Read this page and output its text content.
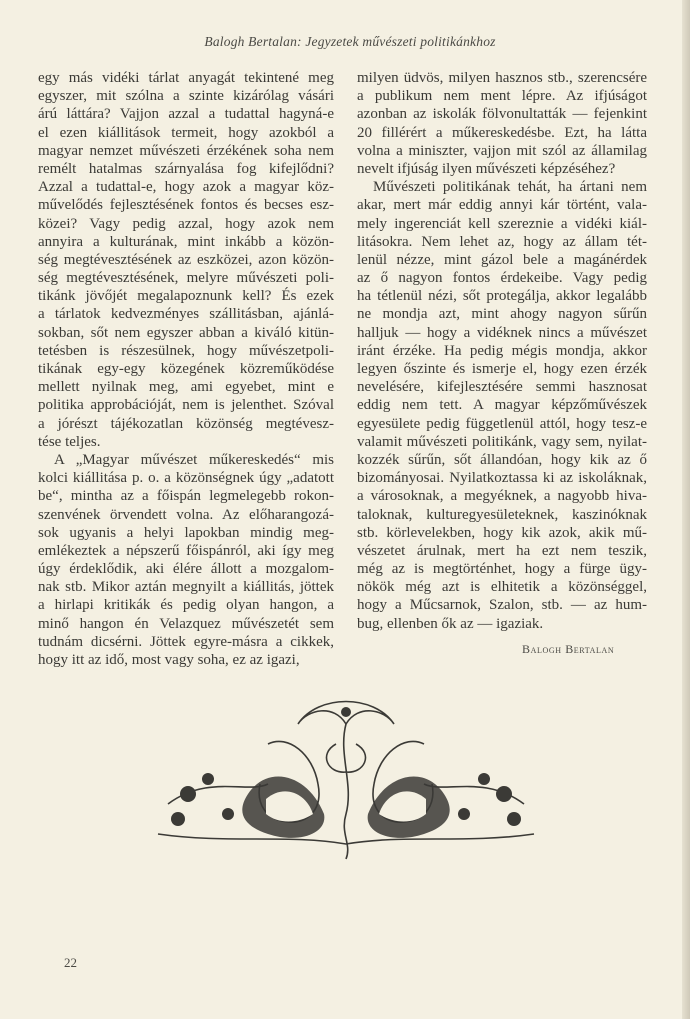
Balogh Bertalan: Jegyzetek művészeti politikánkhoz
egy más vidéki tárlat anyagát tekintené meg
egyszer, mit szólna a szinte kizárólag vásári
árú láttára? Vajjon azzal a tudattal hagyná-e
el ezen kiállitások termeit, hogy azokból a
magyar nemzet művészeti érzékének soha nem
remélt hatalmas szárnyalása fog kifejlődni?
Azzal a tudattal-e, hogy azok a magyar köz-
művelődés fejlesztésének fontos és becses esz-
közei? Vagy pedig azzal, hogy azok nem
annyira a kulturának, mint inkább a közön-
ség megtévesztésének az eszközei, azon közön-
ség megtévesztésének, melyre művészeti poli-
tikánk jövőjét megalapoznunk kell? És ezek
a tárlatok kedvezményes szállitásban, ajánlá-
sokban, sőt nem egyszer abban a kiváló kitün-
tetésben is részesülnek, hogy művészetpoli-
tikának egy-egy közegének közreműködése
mellett nyilnak meg, ami egyebet, mint e
politika approbációját, nem is jelenthet. Szóval
a jórészt tájékozatlan közönség megtévesz-
tése teljes.
A „Magyar művészet műkereskedés“ mis
kolci kiállitása p. o. a közönségnek úgy „adatott
be“, mintha az a főispán legmelegebb rokon-
szenvének örvendett volna. Az előharangozá-
sok ugyanis a helyi lapokban mindig meg-
emlékeztek a népszerű főispánról, aki így meg
úgy érdeklődik, aki élére állott a mozgalom-
nak stb. Mikor aztán megnyilt a kiállitás, jöttek
a hirlapi kritikák és pedig olyan hangon, a
minő hangon én Velazquez művészetét sem
tudnám dicsérni. Jöttek egyre-másra a cikkek,
hogy itt az idő, most vagy soha, ez az igazi,
milyen üdvös, milyen hasznos stb., szerencsére
a publikum nem ment lépre. Az ifjúságot
azonban az iskolák fölvonultatták — fejenkint
20 fillérért a műkereskedésbe. Ezt, ha látta
volna a miniszter, vajjon mit szól az államilag
nevelt ifjúság ilyen művészeti képzéséhez?
Művészeti politikának tehát, ha ártani nem
akar, mert már eddig annyi kár történt, vala-
mely ingerenciát kell szereznie a vidéki kiál-
litásokra. Nem lehet az, hogy az állam tét-
lenül nézze, mint gázol bele a magánérdek
az ő nagyon fontos érdekeibe. Vagy pedig
ha tétlenül nézi, sőt protegálja, akkor legalább
ne mondja azt, mint ahogy nagyon sűrűn
halljuk — hogy a vidéknek nincs a művészet
iránt érzéke. Ha pedig mégis mondja, akkor
legyen őszinte és ismerje el, hogy ezen érzék
nevelésére, kifejlesztésére semmi hasznosat
eddig nem tett. A magyar képzőművészek
egyesülete pedig függetlenül attól, hogy tesz-e
valamit művészeti politikánk, vagy sem, nyilat-
kozzék sűrűn, sőt állandóan, hogy kik az ő
bizományosai. Nyilatkoztassa ki az iskoláknak,
a városoknak, a megyéknek, a nagyobb hiva-
taloknak, kulturegyesületeknek, kaszinóknak
stb. körlevelekben, hogy kik azok, akik mű-
vészetet árulnak, mert ha ezt nem teszik,
még az is megtörténhet, hogy a fürge ügy-
nökök még azt is elhitetik a közönséggel,
hogy a Műcsarnok, Szalon, stb. — az hum-
bug, ellenben ők az — igaziak.
Balogh Bertalan
22
